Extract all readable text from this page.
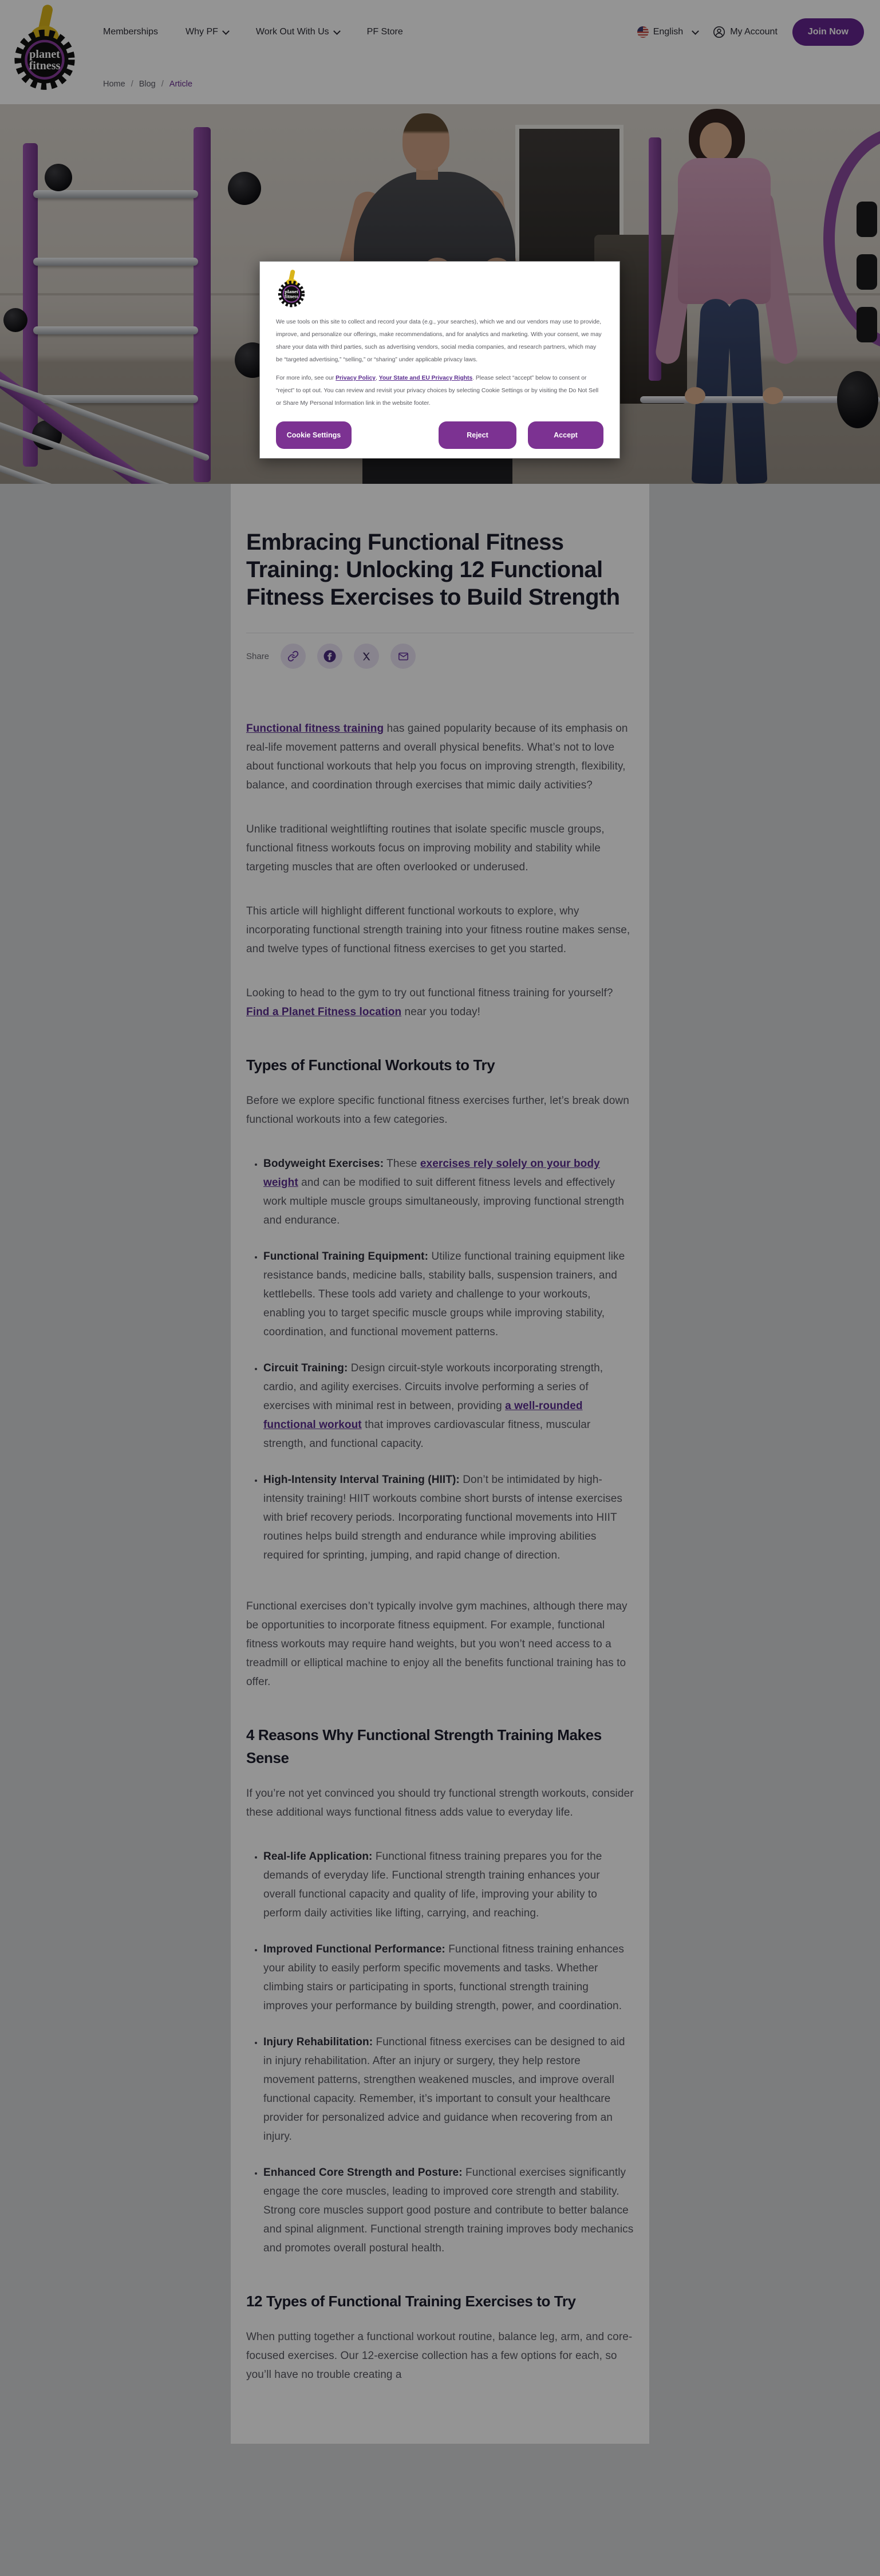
planet
fitness
Memberships	Why PF	Work Out With Us	PF Store	English	My Account	Join Now
Home / Blog / Article
Embracing Functional Fitness Training: Unlocking 12 Functional Fitness Exercises to Build Strength
Share

Functional fitness training has gained popularity because of its emphasis on real-life movement patterns and overall physical benefits. What’s not to love about functional workouts that help you focus on improving strength, flexibility, balance, and coordination through exercises that mimic daily activities?

Unlike traditional weightlifting routines that isolate specific muscle groups, functional fitness workouts focus on improving mobility and stability while targeting muscles that are often overlooked or underused.

This article will highlight different functional workouts to explore, why incorporating functional strength training into your fitness routine makes sense, and twelve types of functional fitness exercises to get you started.

Looking to head to the gym to try out functional fitness training for yourself? Find a Planet Fitness location near you today!

Types of Functional Workouts to Try

Before we explore specific functional fitness exercises further, let’s break down functional workouts into a few categories.

• Bodyweight Exercises: These exercises rely solely on your body weight and can be modified to suit different fitness levels and effectively work multiple muscle groups simultaneously, improving functional strength and endurance.
• Functional Training Equipment: Utilize functional training equipment like resistance bands, medicine balls, stability balls, suspension trainers, and kettlebells. These tools add variety and challenge to your workouts, enabling you to target specific muscle groups while improving stability, coordination, and functional movement patterns.
• Circuit Training: Design circuit-style workouts incorporating strength, cardio, and agility exercises. Circuits involve performing a series of exercises with minimal rest in between, providing a well-rounded functional workout that improves cardiovascular fitness, muscular strength, and functional capacity.
• High-Intensity Interval Training (HIIT): Don’t be intimidated by high-intensity training! HIIT workouts combine short bursts of intense exercises with brief recovery periods. Incorporating functional movements into HIIT routines helps build strength and endurance while improving abilities required for sprinting, jumping, and rapid change of direction.

Functional exercises don’t typically involve gym machines, although there may be opportunities to incorporate fitness equipment. For example, functional fitness workouts may require hand weights, but you won’t need access to a treadmill or elliptical machine to enjoy all the benefits functional training has to offer.

4 Reasons Why Functional Strength Training Makes Sense

If you’re not yet convinced you should try functional strength workouts, consider these additional ways functional fitness adds value to everyday life.

• Real-life Application: Functional fitness training prepares you for the demands of everyday life. Functional strength training enhances your overall functional capacity and quality of life, improving your ability to perform daily activities like lifting, carrying, and reaching.
• Improved Functional Performance: Functional fitness training enhances your ability to easily perform specific movements and tasks. Whether climbing stairs or participating in sports, functional strength training improves your performance by building strength, power, and coordination.
• Injury Rehabilitation: Functional fitness exercises can be designed to aid in injury rehabilitation. After an injury or surgery, they help restore movement patterns, strengthen weakened muscles, and improve overall functional capacity. Remember, it’s important to consult your healthcare provider for personalized advice and guidance when recovering from an injury.
• Enhanced Core Strength and Posture: Functional exercises significantly engage the core muscles, leading to improved core strength and stability. Strong core muscles support good posture and contribute to better balance and spinal alignment. Functional strength training improves body mechanics and promotes overall postural health.
12 Types of Functional Training Exercises to Try

When putting together a functional workout routine, balance leg, arm, and core-focused exercises. Our 12-exercise collection has a few options for each, so you’ll have no trouble creating a

planet
fitness

We use tools on this site to collect and record your data (e.g., your searches), which we and our vendors may use to provide, improve, and personalize our offerings, make recommendations, and for analytics and marketing. With your consent, we may share your data with third parties, such as advertising vendors, social media companies, and research partners, which may be “targeted advertising,” “selling,” or “sharing” under applicable privacy laws.

For more info, see our Privacy Policy, Your State and EU Privacy Rights. Please select “accept” below to consent or “reject” to opt out. You can review and revisit your privacy choices by selecting Cookie Settings or by visiting the Do Not Sell or Share My Personal Information link in the website footer.

Cookie Settings	Reject	Accept
